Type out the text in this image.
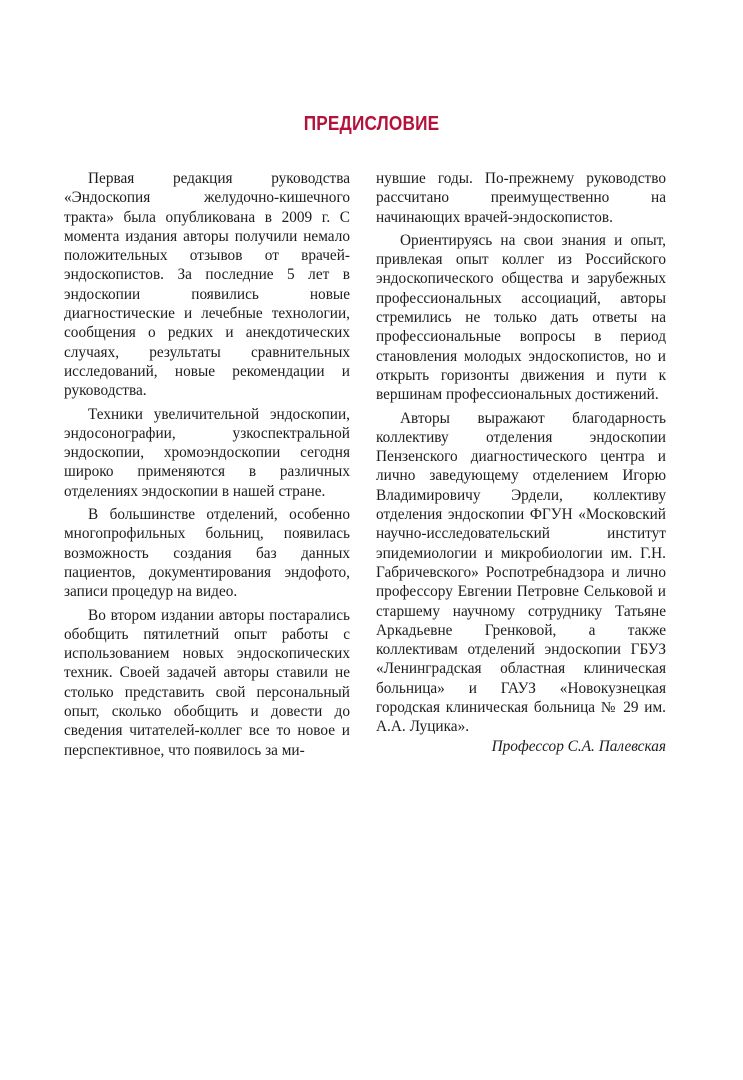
ПРЕДИСЛОВИЕ

Первая редакция руководства «Эндоскопия желудочно-кишечного тракта» была опубликована в 2009 г. С момента издания авторы получили немало положительных отзывов от врачей-эндоскопистов. За последние 5 лет в эндоскопии появились новые диагностические и лечебные технологии, сообщения о редких и анекдотических случаях, результаты сравнительных исследований, новые рекомендации и руководства.

Техники увеличительной эндоскопии, эндосонографии, узкоспектральной эндоскопии, хромоэндоскопии сегодня широко применяются в различных отделениях эндоскопии в нашей стране.

В большинстве отделений, особенно многопрофильных больниц, появилась возможность создания баз данных пациентов, документирования эндофото, записи процедур на видео.

Во втором издании авторы постарались обобщить пятилетний опыт работы с использованием новых эндоскопических техник. Своей задачей авторы ставили не столько представить свой персональный опыт, сколько обобщить и довести до сведения читателей-коллег все то новое и перспективное, что появилось за ми-

нувшие годы. По-прежнему руководство рассчитано преимущественно на начинающих врачей-эндоскопистов.

Ориентируясь на свои знания и опыт, привлекая опыт коллег из Российского эндоскопического общества и зарубежных профессиональных ассоциаций, авторы стремились не только дать ответы на профессиональные вопросы в период становления молодых эндоскопистов, но и открыть горизонты движения и пути к вершинам профессиональных достижений.

Авторы выражают благодарность коллективу отделения эндоскопии Пензенского диагностического центра и лично заведующему отделением Игорю Владимировичу Эрдели, коллективу отделения эндоскопии ФГУН «Московский научно-исследовательский институт эпидемиологии и микробиологии им. Г.Н. Габричевского» Роспотребнадзора и лично профессору Евгении Петровне Сельковой и старшему научному сотруднику Татьяне Аркадьевне Гренковой, а также коллективам отделений эндоскопии ГБУЗ «Ленинградская областная клиническая больница» и ГАУЗ «Новокузнецкая городская клиническая больница № 29 им. А.А. Луцика».

Профессор С.А. Палевская
